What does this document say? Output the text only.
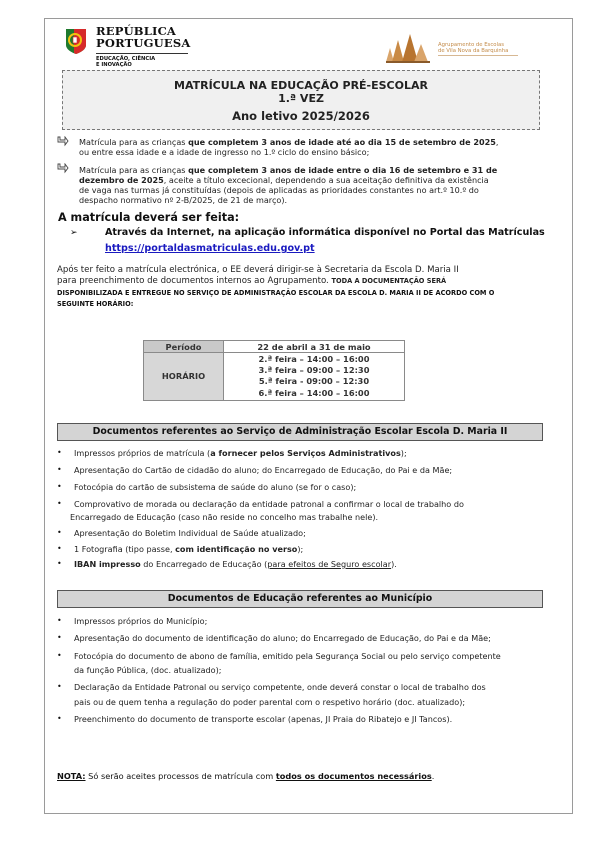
REPÚBLICA
PORTUGUESA
EDUCAÇÃO, CIÊNCIA
E INOVAÇÃO
Agrupamento de Escolas
de Vila Nova da Barquinha
MATRÍCULA NA EDUCAÇÃO PRÉ-ESCOLAR
1.ª VEZ
Ano letivo 2025/2026
Matrícula para as crianças que completem 3 anos de idade até ao dia 15 de setembro de 2025,
ou entre essa idade e a idade de ingresso no 1.º ciclo do ensino básico;
Matrícula para as crianças que completem 3 anos de idade entre o dia 16 de setembro e 31 de
dezembro de 2025, aceite a título excecional, dependendo a sua aceitação definitiva da existência
de vaga nas turmas já constituídas (depois de aplicadas as prioridades constantes no art.º 10.º do
despacho normativo nº 2-B/2025, de 21 de março).
A matrícula deverá ser feita:
➢	Através da Internet, na aplicação informática disponível no Portal das Matrículas
https://portaldasmatriculas.edu.gov.pt
Após ter feito a matrícula electrónica, o EE deverá dirigir-se à Secretaria da Escola D. Maria II
para preenchimento de documentos internos ao Agrupamento. TODA A DOCUMENTAÇÃO SERÁ
DISPONIBILIZADA E ENTREGUE NO SERVIÇO DE ADMINISTRAÇÃO ESCOLAR DA ESCOLA D. MARIA II DE ACORDO COM O
SEGUINTE HORÁRIO:
Período	22 de abril a 31 de maio
HORÁRIO	2.ª feira – 14:00 – 16:00
3.ª feira – 09:00 – 12:30
5.ª feira - 09:00 – 12:30
6.ª feira – 14:00 – 16:00
Documentos referentes ao Serviço de Administração Escolar Escola D. Maria II
• Impressos próprios de matrícula (a fornecer pelos Serviços Administrativos);
• Apresentação do Cartão de cidadão do aluno; do Encarregado de Educação, do Pai e da Mãe;
• Fotocópia do cartão de subsistema de saúde do aluno (se for o caso);
• Comprovativo de morada ou declaração da entidade patronal a confirmar o local de trabalho do
Encarregado de Educação (caso não reside no concelho mas trabalhe nele).
• Apresentação do Boletim Individual de Saúde atualizado;
• 1 Fotografia (tipo passe, com identificação no verso);
• IBAN impresso do Encarregado de Educação (para efeitos de Seguro escolar).
Documentos de Educação referentes ao Município
• Impressos próprios do Município;
• Apresentação do documento de identificação do aluno; do Encarregado de Educação, do Pai e da Mãe;
• Fotocópia do documento de abono de família, emitido pela Segurança Social ou pelo serviço competente
da função Pública, (doc. atualizado);
• Declaração da Entidade Patronal ou serviço competente, onde deverá constar o local de trabalho dos
pais ou de quem tenha a regulação do poder parental com o respetivo horário (doc. atualizado);
• Preenchimento do documento de transporte escolar (apenas, JI Praia do Ribatejo e JI Tancos).
NOTA: Só serão aceites processos de matrícula com todos os documentos necessários.
